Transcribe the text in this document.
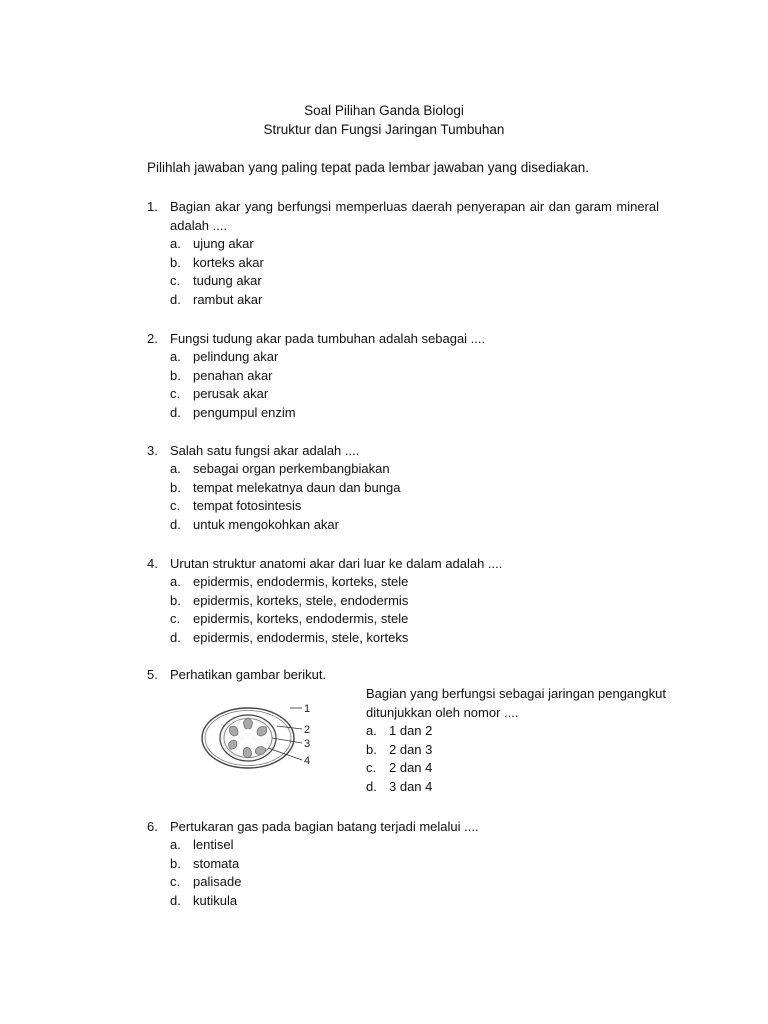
Soal Pilihan Ganda Biologi
Struktur dan Fungsi Jaringan Tumbuhan
Pilihlah jawaban yang paling tepat pada lembar jawaban yang disediakan.
1. Bagian akar yang berfungsi memperluas daerah penyerapan air dan garam mineral
adalah ....
a. ujung akar
b. korteks akar
c. tudung akar
d. rambut akar
2. Fungsi tudung akar pada tumbuhan adalah sebagai ....
a. pelindung akar
b. penahan akar
c. perusak akar
d. pengumpul enzim
3. Salah satu fungsi akar adalah ....
a. sebagai organ perkembangbiakan
b. tempat melekatnya daun dan bunga
c. tempat fotosintesis
d. untuk mengokohkan akar
4. Urutan struktur anatomi akar dari luar ke dalam adalah ....
a. epidermis, endodermis, korteks, stele
b. epidermis, korteks, stele, endodermis
c. epidermis, korteks, endodermis, stele
d. epidermis, endodermis, stele, korteks
5. Perhatikan gambar berikut.
1
2
3
4
Bagian yang berfungsi sebagai jaringan pengangkut
ditunjukkan oleh nomor ....
a. 1 dan 2
b. 2 dan 3
c. 2 dan 4
d. 3 dan 4
6. Pertukaran gas pada bagian batang terjadi melalui ....
a. lentisel
b. stomata
c. palisade
d. kutikula
